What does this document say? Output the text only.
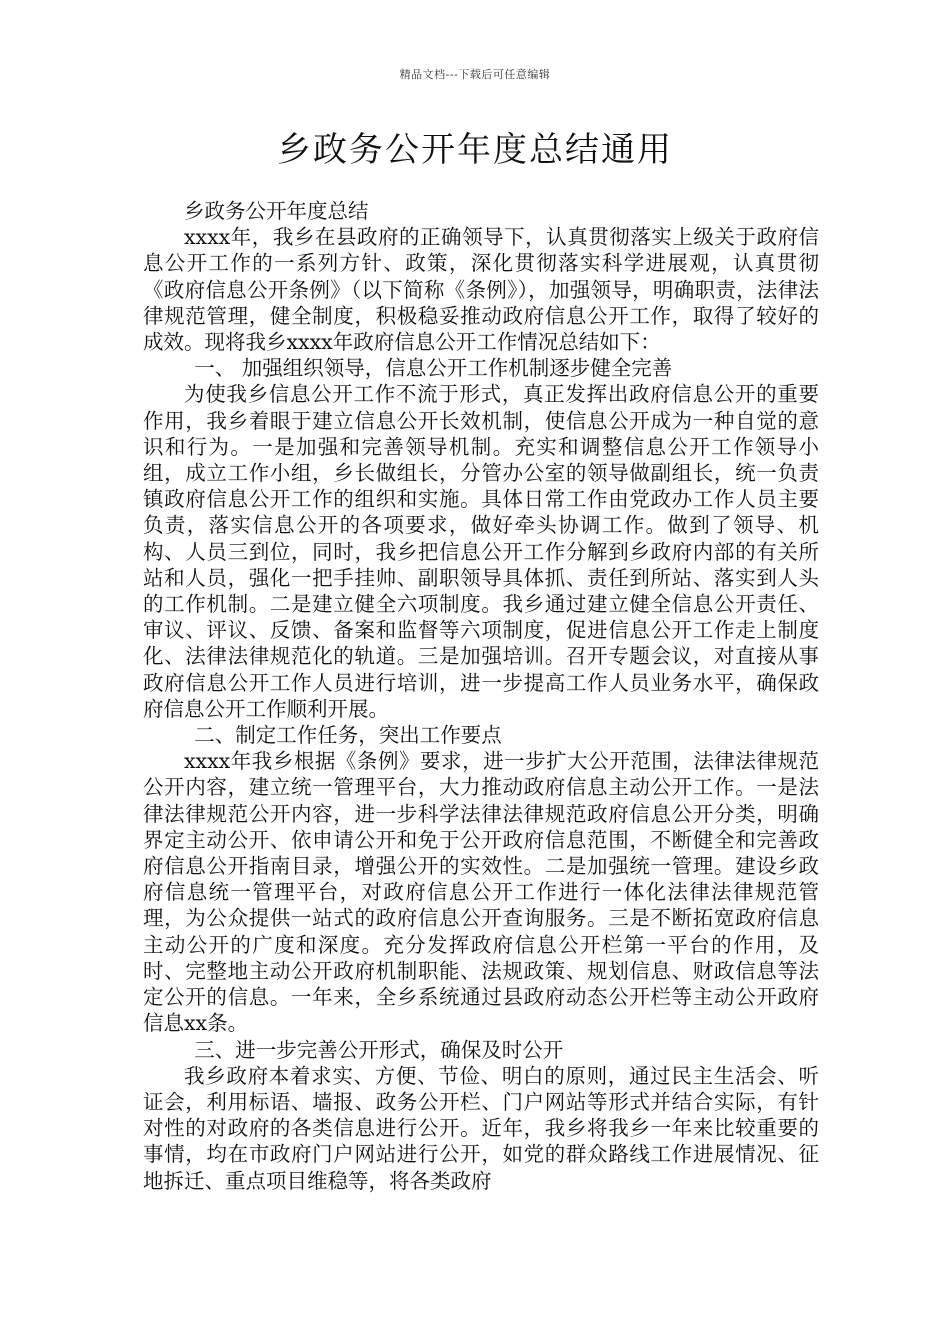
精品文档---下载后可任意编辑
乡政务公开年度总结通用

乡政务公开年度总结

xxxx年，我乡在县政府的正确领导下，认真贯彻落实上级关于政府信息公开工作的一系列方针、政策，深化贯彻落实科学进展观，认真贯彻《政府信息公开条例》（以下简称《条例》），加强领导，明确职责，法律法律规范管理，健全制度，积极稳妥推动政府信息公开工作，取得了较好的成效。现将我乡xxxx年政府信息公开工作情况总结如下：

一、 加强组织领导，信息公开工作机制逐步健全完善

为使我乡信息公开工作不流于形式，真正发挥出政府信息公开的重要作用，我乡着眼于建立信息公开长效机制，使信息公开成为一种自觉的意识和行为。一是加强和完善领导机制。充实和调整信息公开工作领导小组，成立工作小组，乡长做组长，分管办公室的领导做副组长，统一负责镇政府信息公开工作的组织和实施。具体日常工作由党政办工作人员主要负责，落实信息公开的各项要求，做好牵头协调工作。做到了领导、机构、人员三到位，同时，我乡把信息公开工作分解到乡政府内部的有关所站和人员，强化一把手挂帅、副职领导具体抓、责任到所站、落实到人头的工作机制。二是建立健全六项制度。我乡通过建立健全信息公开责任、审议、评议、反馈、备案和监督等六项制度，促进信息公开工作走上制度化、法律法律规范化的轨道。三是加强培训。召开专题会议，对直接从事政府信息公开工作人员进行培训，进一步提高工作人员业务水平，确保政府信息公开工作顺利开展。

二、制定工作任务，突出工作要点

xxxx年我乡根据《条例》要求，进一步扩大公开范围，法律法律规范公开内容，建立统一管理平台，大力推动政府信息主动公开工作。一是法律法律规范公开内容，进一步科学法律法律规范政府信息公开分类，明确界定主动公开、依申请公开和免于公开政府信息范围，不断健全和完善政府信息公开指南目录，增强公开的实效性。二是加强统一管理。建设乡政府信息统一管理平台，对政府信息公开工作进行一体化法律法律规范管理，为公众提供一站式的政府信息公开查询服务。三是不断拓宽政府信息主动公开的广度和深度。充分发挥政府信息公开栏第一平台的作用，及时、完整地主动公开政府机制职能、法规政策、规划信息、财政信息等法定公开的信息。一年来，全乡系统通过县政府动态公开栏等主动公开政府信息xx条。

三、进一步完善公开形式，确保及时公开

我乡政府本着求实、方便、节俭、明白的原则，通过民主生活会、听证会，利用标语、墙报、政务公开栏、门户网站等形式并结合实际，有针对性的对政府的各类信息进行公开。近年，我乡将我乡一年来比较重要的事情，均在市政府门户网站进行公开，如党的群众路线工作进展情况、征地拆迁、重点项目维稳等，将各类政府
